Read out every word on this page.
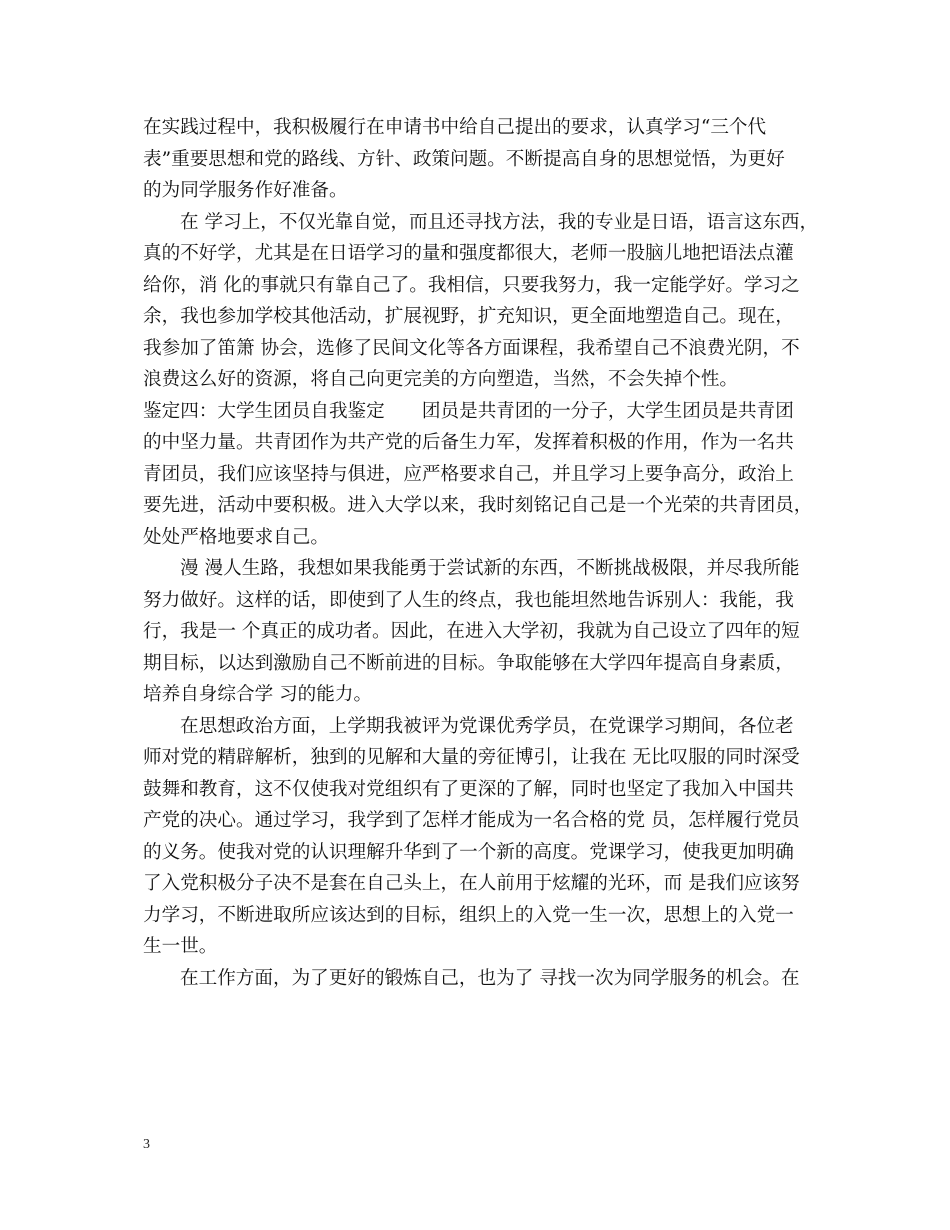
在实践过程中，我积极履行在申请书中给自己提出的要求，认真学习“三个代
表”重要思想和党的路线、方针、政策问题。不断提高自身的思想觉悟，为更好
的为同学服务作好准备。
在 学习上，不仅光靠自觉，而且还寻找方法，我的专业是日语，语言这东西，
真的不好学，尤其是在日语学习的量和强度都很大，老师一股脑儿地把语法点灌
给你，消 化的事就只有靠自己了。我相信，只要我努力，我一定能学好。学习之
余，我也参加学校其他活动，扩展视野，扩充知识，更全面地塑造自己。现在，
我参加了笛箫 协会，选修了民间文化等各方面课程，我希望自己不浪费光阴，不
浪费这么好的资源，将自己向更完美的方向塑造，当然，不会失掉个性。
鉴定四：大学生团员自我鉴定　　团员是共青团的一分子，大学生团员是共青团
的中坚力量。共青团作为共产党的后备生力军，发挥着积极的作用，作为一名共
青团员，我们应该坚持与俱进，应严格要求自己，并且学习上要争高分，政治上
要先进，活动中要积极。进入大学以来，我时刻铭记自己是一个光荣的共青团员，
处处严格地要求自己。
漫 漫人生路，我想如果我能勇于尝试新的东西，不断挑战极限，并尽我所能
努力做好。这样的话，即使到了人生的终点，我也能坦然地告诉别人：我能，我
行，我是一 个真正的成功者。因此，在进入大学初，我就为自己设立了四年的短
期目标，以达到激励自己不断前进的目标。争取能够在大学四年提高自身素质，
培养自身综合学 习的能力。
在思想政治方面，上学期我被评为党课优秀学员，在党课学习期间，各位老
师对党的精辟解析，独到的见解和大量的旁征博引，让我在 无比叹服的同时深受
鼓舞和教育，这不仅使我对党组织有了更深的了解，同时也坚定了我加入中国共
产党的决心。通过学习，我学到了怎样才能成为一名合格的党 员，怎样履行党员
的义务。使我对党的认识理解升华到了一个新的高度。党课学习，使我更加明确
了入党积极分子决不是套在自己头上，在人前用于炫耀的光环，而 是我们应该努
力学习，不断进取所应该达到的目标，组织上的入党一生一次，思想上的入党一
生一世。
在工作方面，为了更好的锻炼自己，也为了 寻找一次为同学服务的机会。在
3
